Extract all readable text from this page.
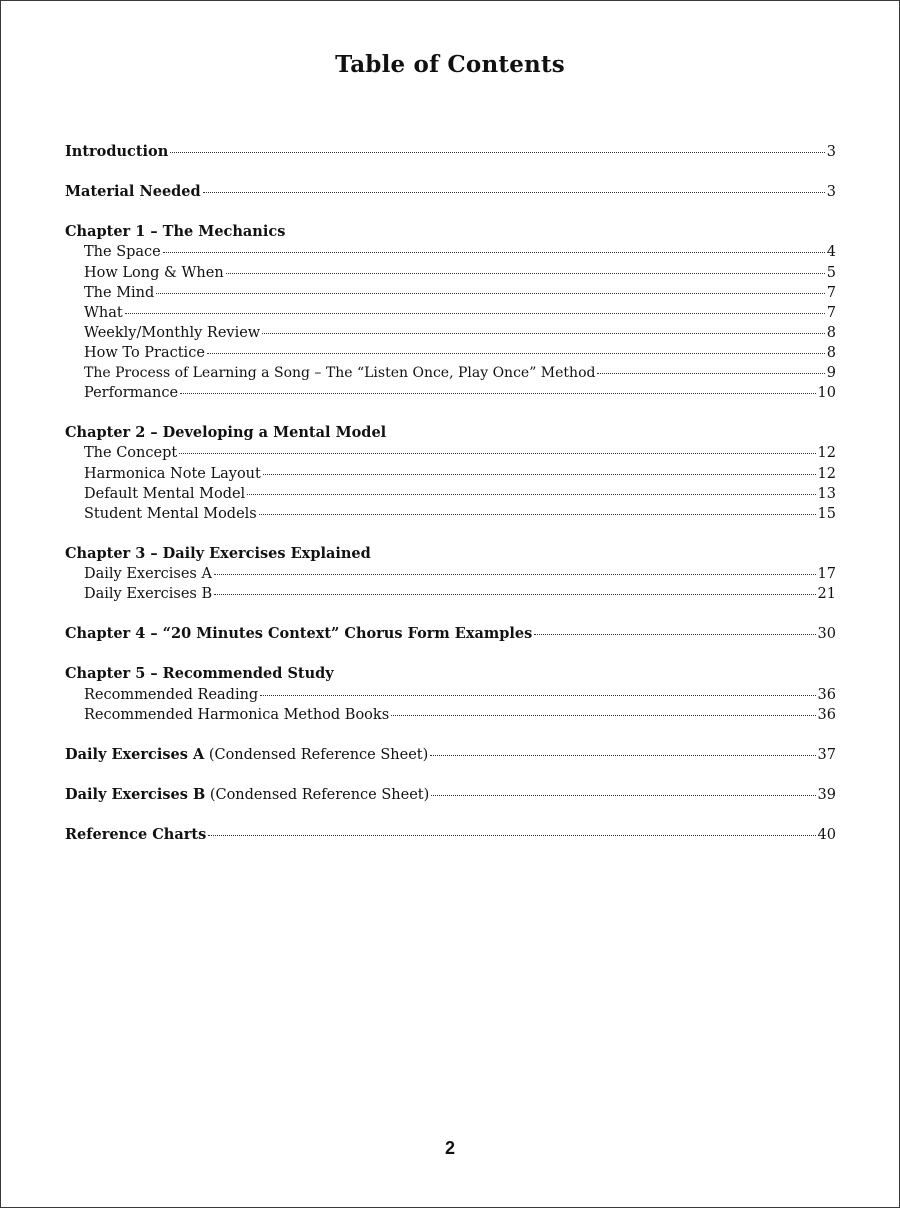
Table of Contents
Introduction	3
Material Needed	3
Chapter 1 – The Mechanics
The Space	4
How Long & When	5
The Mind	7
What	7
Weekly/Monthly Review	8
How To Practice	8
The Process of Learning a Song – The “Listen Once, Play Once” Method	9
Performance	10
Chapter 2 – Developing a Mental Model
The Concept	12
Harmonica Note Layout	12
Default Mental Model	13
Student Mental Models	15
Chapter 3 – Daily Exercises Explained
Daily Exercises A	17
Daily Exercises B	21
Chapter 4 – “20 Minutes Context” Chorus Form Examples	30
Chapter 5 – Recommended Study
Recommended Reading	36
Recommended Harmonica Method Books	36
Daily Exercises A (Condensed Reference Sheet)	37
Daily Exercises B (Condensed Reference Sheet)	39
Reference Charts	40
2
